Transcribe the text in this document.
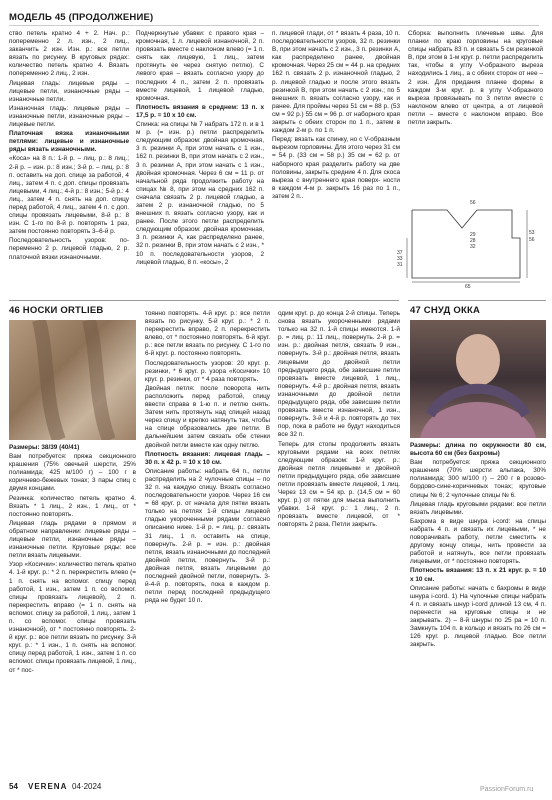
МОДЕЛЬ 45 (ПРОДОЛЖЕНИЕ)

ство петель кратно 4 + 2. Нач. р.: попеременно 2 л. изн., 2 лиц., заканчить 2 изн. Изн. р.: все петли вязать по рисунку. В круговых рядах: количество петель кратно 4. Вязать попеременно 2 лиц., 2 изн.

Лицевая гладь: лицевые ряды – лицевые петли, изнаночные ряды – изнаночные петли.

Изнаночная гладь: лицевые ряды – изнаночные петли, изнаночные ряды – лицевые петли.

Платочная вязка изнаночными петлями: лицевые и изнаночные ряды вязать изнаночными.

«Коса» на 8 п.: 1-й р. – лиц. р.: 8 лиц.; 2-й р. – изн. р.: 8 изн.; 3-й р. – лиц. р.: 8 п. оставить на доп. спице за работой, 4 лиц., затем 4 п. с доп. спицы провязать лицевыми, 4 лиц.; 4-й р.: 8 изн.; 5-й р.: 4 лиц., затем 4 п. снять на доп. спицу перед работой, 4 лиц., затем 4 п. с доп. спицы провязать лицевыми, 8-й р.: 8 изн. С 1-го по 8-й р. повторять 1 раз, затем постоянно повторять 3–6-й р.

Последовательность узоров: по- переменно 2 р. лицевой гладью, 2 р. платочной вязки изнаночными.

Подчеркнутые убавки: с правого края – кромочная, 1 л. лицевой изнаночной, 2 п. провязать вместе с наклоном влево (= 1 п. снять как лицевую, 1 лиц., затем протянуть ее через снятую петлю). С левого края – вязать согласно узору до последних 4 п., затем 2 п. провязать вместе лицевой, 1 лицевой гладью, кромочная.

Плотность вязания в среднем: 13 п. x 17,5 р. = 10 x 10 см.

Спинка: на спицы № 7 набрать 172 п. и в 1 м р. (= изн. р.) петли распределить следующим образом: двойная кромочная, 3 п. резинки А, при этом начать с 1 изн., 162 п. резинки В, при этом начать с 2 изн., 3 п. резинки А, при этом начать с 1 изн., двойная кромочная. Через 6 см = 11 р. от начальной ряда продолжить работу на спицах № 8, при этом на средних 162 п. сначала связать 2 р. лицевой гладью, а затем 2 р. изнаночной гладью, по 5 внешних п. вязать согласно узору, как и ранее. После этого петли распределить следующим образом: двойная кромочная, 3 п. резинки А, как распределено ранее, 32 п. резинки В, при этом начать с 2 изн., * 10 п. последовательности узоров, 2 лицевой гладью, 8 п. «косы», 2

п. лицевой глади, от * вязать 4 раза, 10 п. последовательности узоров, 32 п. резинки В, при этом начать с 2 изн., 3 п. резинки А, как распределено ранее, двойная кромочная. Через 25 см = 44 р. на средних 162 п. связать 2 р. изнаночной гладью, 2 р. лицевой гладью и после этого вязать резинкой В, при этом начать с 2 изн.; по 5 внешних п. вязать согласно узору, как и ранее. Для проймы через 51 см = 88 р. (53 см = 92 р.) 55 см = 96 р. от наборного края закрыть с обеих сторон по 1 п., затем в каждом 2-м р. по 1 п.

Перед: вязать как спинку, но с V-образным вырезом горловины. Для этого через 31 см = 54 р. (33 см = 58 р.) 35 см = 62 р. от наборного края разделить работу на две половины, закрыть средние 4 п. Для скоса выреза с внутреннего края поверх- ности в каждом 4-м р. закрыть 16 раз по 1 п., затем 2 п..

Сборка: выполнить плечевые швы. Для планки по краю горловины на круговые спицы набрать 83 п. и связать 5 см резинкой В, при этом в 1-м круг. р. петли распределить так, чтобы в углу V-образного выреза находились 1 лиц., а с обеих сторон от нее – 2 изн. Для придания планке формы в каждом 3-м круг. р. в углу V-образного выреза провязывать по 3 петли вместе с наклоном влево от центра, а от лицевой петли – вместе с наклоном вправо. Все петли закрыть.

56
53
56
37
33
31
29
28
32
65
46 НОСКИ ORTLIEB

Размеры: 38/39 (40/41)

Вам потребуется: пряжа секционного крашения (75% овечьей шерсти, 25% полиамида; 425 м/100 г) – 100 г в коричнево-бежевых тонах; 3 пары спиц с двумя концами.

Резинка: количество петель кратно 4. Вязать * 1 лиц., 2 изн., 1 лиц., от * постоянно повторять.

Лицевая гладь рядами в прямом и обратном направлении: лицевые ряды – лицевые петли, изнаночные ряды – изнаночные петли. Круговые ряды: все петли вязать лицевыми.

Узор «Косички»: количество петель кратно 4. 1-й круг. р.: * 2 п. перекрестить влево (= 1 п. снять на вспомог. спицу перед работой, 1 изн., затем 1 п. со вспомог. спицы провязать лицевой), 2 п. перекрестить вправо (= 1 п. снять на вспомог. спицу за работой, 1 лиц., затем 1 п. со вспомог. спицы провязать изнаночной), от * постоянно повторять. 2-й круг. р.: все петли вязать по рисунку. 3-й круг. р.: * 1 изн., 1 п. снять на вспомог. спицу перед работой, 1 изн., затем 1 п. со вспомог. спицы провязать лицевой, 1 лиц., от * пос-

тоянно повторять. 4-й круг. р.: все петли вязать по рисунку. 5-й круг. р.: * 2 п. перекрестить вправо, 2 п. перекрестить влево, от * постоянно повторять. 6-й круг. р.: все петли вязать по рисунку. С 1-го по 6-й круг. р. постоянно повторять.

Последовательность узоров: 20 круг. р. резинки, * 6 круг. р. узора «Косички» 10 круг. р. резинки, от * 4 раза повторять.

Двойная петля: после поворота нить расположить перед работой, спицу ввести справа в 1-ю п. и петлю снять. Затем нить протянуть над спицей назад через спицу и крепко натянуть так, чтобы на спице образовались две петли. В дальнейшем затем связать обе стенки двойной петли вместе как одну петлю.

Плотность вязания: лицевая гладь – 30 п. x 42 р. = 10 x 10 см.

Описание работы: набрать 64 п., петли распределить на 2 чулочные спицы – по 32 п. на каждую спицу. Вязать согласно последовательности узоров. Через 16 см = 68 круг. р. от начала для пятки вязать только на петлях 1-й спицы лицевой гладью укороченными рядами согласно описанию ниже. 1-й р. = лиц. р.: связать 31 лиц., 1 п. оставить на спице, повернуть. 2-й р. = изн. р.: двойная петля, вязать изнаночными до последней двойной петли, повернуть. 3-й р.: двойная петля, вязать лицевыми до последней двойной петли, повернуть. 3-й-4-й р. повторять, пока в каждом р. петли перед последней предыдущего ряда не будет 10 п.

одим круг. р. до конца 2-й спицы. Теперь снова вязать укороченными рядами только на 32 п. 1-й спицы имеются. 1-й р. = лиц. р.: 11 лиц., повернуть. 2-й р. = изн. р.: двойная петля, связать 9 изн., повернуть. 3-й р.: двойная петля, вязать лицевыми до двойной петли предыдущего ряда, обе зависшие петли провязать вместе лицевой, 1 лиц., повернуть. 4-й р.: двойная петля, вязать изнаночными до двойной петли предыдущего ряда, обе зависшие петли провязать вместе изнаночной, 1 изн., повернуть. 3-й и 4-й р. повторять до тех пор, пока в работе не будут находиться все 32 п.

Теперь для стопы продолжить вязать круговыми рядами на всех петлях следующим образом: 1-й круг. р.: двойная петля лицевыми и двойной петли предыдущего ряда, обе зависшие петли провязать вместе лицевой, 1 лиц. Через 13 см = 54 кр. р. (14,5 см = 60 круг. р.) от пятки для мыска выполнить убавки. 1-й круг. р.: 1 лиц., 2 п. провязать вместе лицевой, от * повторять 2 раза. Петли закрыть.

47 СНУД ОККА

Размеры: длина по окружности 80 см, высота 60 см (без бахромы)

Вам потребуется: пряжа секционного крашения (70% шерсти альпака, 30% полиамида; 300 м/100 г) – 200 г в розово-бордово-сине-коричневых тонах; круговые спицы № 6; 2 чулочные спицы № 6.

Лицевая гладь круговыми рядами: все петли вязать лицевыми.

Бахрома в виде шнура i-cord: на спицы набрать 4 п. и связать их лицевыми, * не поворачивать работу, петли сместить к другому концу спицы, нить провести за работой и натянуть, все петли провязать лицевыми, от * постоянно повторять.

Плотность вязания: 13 п. x 21 круг. р. = 10 x 10 см.

Описание работы: начать с бахромы в виде шнура i-cord. 1) На чулочные спицы набрать 4 п. и связать шнур i-cord длиной 13 см, 4 п. перенести на круговые спицы и не закрывать. 2) – 8-й шнуры по 25 ра = 10 п. Замкнуть 104 п. в кольцо и вязать по 26 см = 126 круг. р. лицевой гладью. Все петли закрыть.

54 VERENA 04·2024	PassionForum.ru
